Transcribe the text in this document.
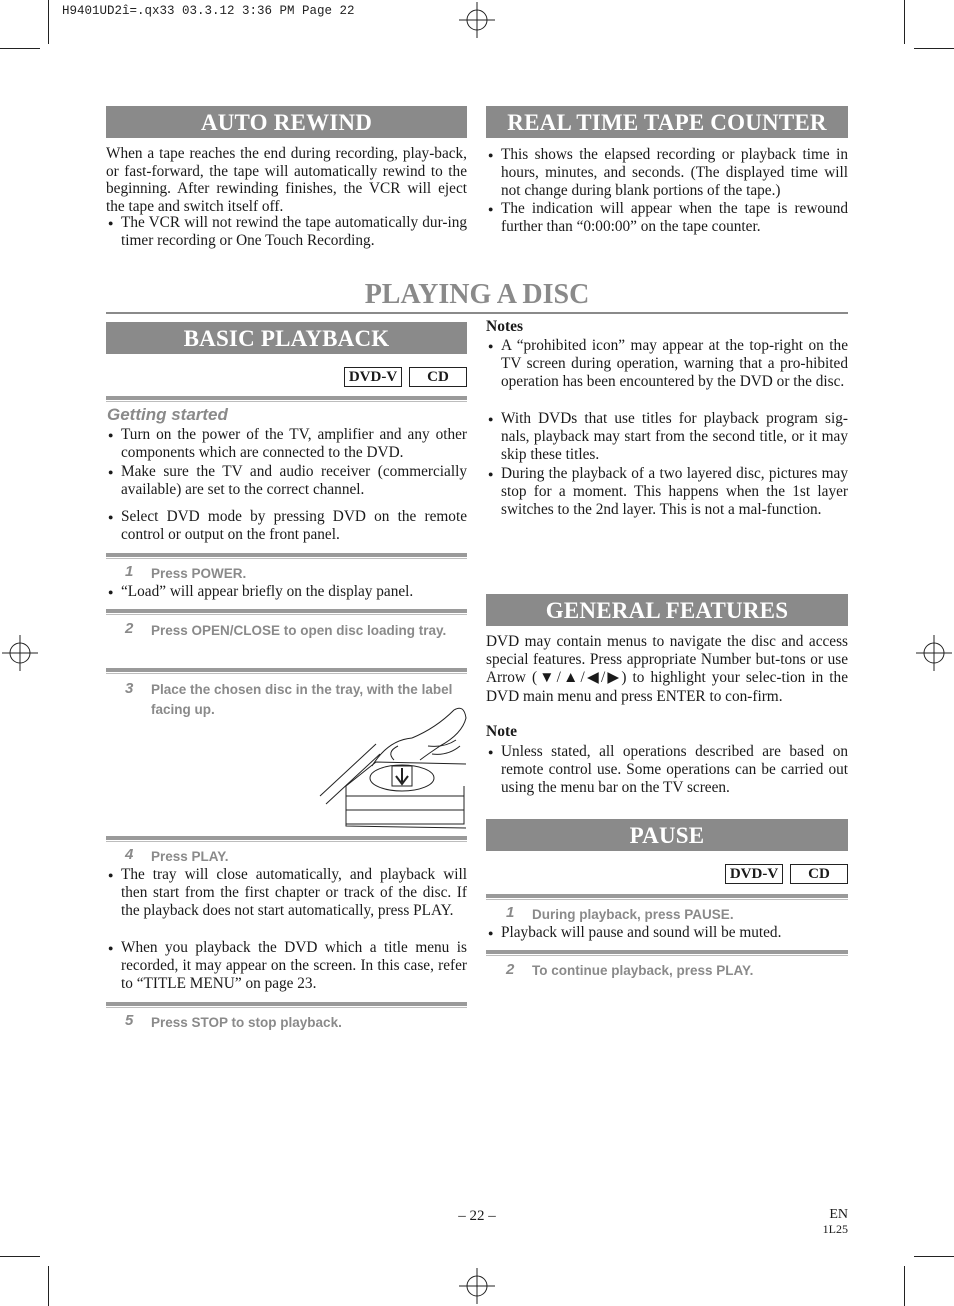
H9401UD2î=.qx33 03.3.12 3:36 PM Page 22
AUTO REWIND
When a tape reaches the end during recording, play-back, or fast-forward, the tape will automatically rewind to the beginning. After rewinding finishes, the VCR will eject the tape and switch itself off.
● The VCR will not rewind the tape automatically dur-ing timer recording or One Touch Recording.
REAL TIME TAPE COUNTER
● This shows the elapsed recording or playback time in hours, minutes, and seconds. (The displayed time will not change during blank portions of the tape.)
● The indication will appear when the tape is rewound further than “0:00:00” on the tape counter.
PLAYING A DISC
BASIC PLAYBACK
DVD-V	CD
Getting started
● Turn on the power of the TV, amplifier and any other components which are connected to the DVD.
● Make sure the TV and audio receiver (commercially available) are set to the correct channel.
● Select DVD mode by pressing DVD on the remote control or output on the front panel.
1 Press POWER.
● “Load” will appear briefly on the display panel.
2 Press OPEN/CLOSE to open disc loading tray.
3 Place the chosen disc in the tray, with the label facing up.
4 Press PLAY.
● The tray will close automatically, and playback will then start from the first chapter or track of the disc. If the playback does not start automatically, press PLAY.
● When you playback the DVD which a title menu is recorded, it may appear on the screen. In this case, refer to “TITLE MENU” on page 23.
5 Press STOP to stop playback.
Notes
● A “prohibited icon” may appear at the top-right on the TV screen during operation, warning that a pro-hibited operation has been encountered by the DVD or the disc.
● With DVDs that use titles for playback program sig-nals, playback may start from the second title, or it may skip these titles.
● During the playback of a two layered disc, pictures may stop for a moment. This happens when the 1st layer switches to the 2nd layer. This is not a mal-function.
GENERAL FEATURES
DVD may contain menus to navigate the disc and access special features. Press appropriate Number but-tons or use Arrow (▼/▲/◀/▶) to highlight your selec-tion in the DVD main menu and press ENTER to con-firm.
Note
● Unless stated, all operations described are based on remote control use. Some operations can be carried out using the menu bar on the TV screen.
PAUSE
DVD-V	CD
1 During playback, press PAUSE.
● Playback will pause and sound will be muted.
2 To continue playback, press PLAY.
– 22 –	EN
1L25
